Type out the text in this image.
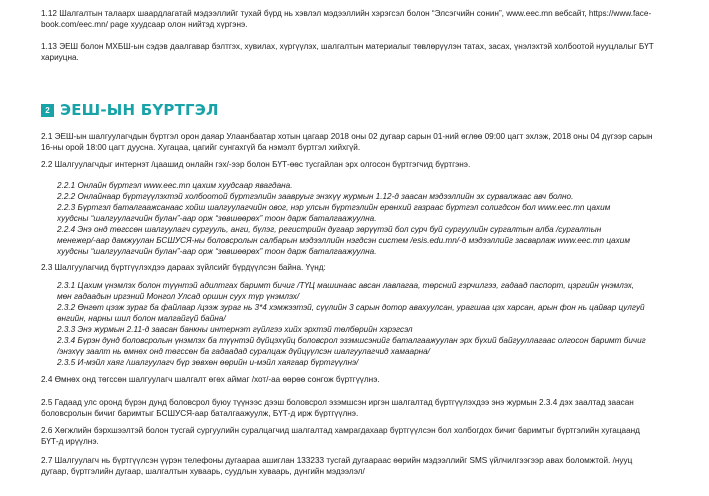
1.12 Шалгалтын талаарх шаардлагатай мэдээллийг тухай бүрд нь хэвлэл мэдээллийн хэрэгсэл болон “Элсэгчийн сонин”, www.eec.mn вебсайт, https://www.face-
book.com/eec.mn/ page хуудсаар олон нийтэд хүргэнэ.
1.13 ЭЕШ болон МХБШ-ын сэдэв даалгавар бэлтгэх, хувилах, хүргүүлэх, шалгалтын материалыг төвлөрүүлэн татах, засах, үнэлэхтэй холбоотой нууцлалыг БҮТ
хариуцна.
2 ЭЕШ-ЫН БҮРТГЭЛ
2.1 ЭЕШ-ын шалгуулагчдын бүртгэл орон даяар Улаанбаатар хотын цагаар 2018 оны 02 дугаар сарын 01-ний өглөө 09:00 цагт эхлэж, 2018 оны 04 дүгээр сарын
16-ны орой 18:00 цагт дуусна. Хугацаа, цагийг сунгахгүй ба нэмэлт бүртгэл хийхгүй.
2.2 Шалгуулагчдыг интернэт /цаашид онлайн гэх/-ээр болон БҮТ-өөс тусгайлан эрх олгосон бүртгэгчид бүртгэнэ.
2.2.1 Онлайн бүртгэл www.eec.mn цахим хуудсаар явагдана.
2.2.2 Онлайнаар бүртгүүлэхтэй холбоотой бүртгэлийн заавруыг энэхүү журмын 1.12-д заасан мэдээллийн эх сурвалжаас авч болно.
2.2.3 Бүртгэл баталгаажсанаас хойш шалгуулагчийн овог, нэр улсын бүртгэлийн ерөнхий газраас бүртгэл солигдсон бол www.eec.mn цахим
хуудсны “шалгуулагчийн булан”-аар орж “зөвшөөрөх” тоон дарж баталгаажуулна.
2.2.4 Энэ онд төгссөн шалгуулагч сургууль, анги, бүлэг, регистрийн дугаар зөрүүтэй бол сурч буй сургуулийн сургалтын алба /сургалтын
менежер/-аар дамжуулан БСШУСЯ-ны боловсролын салбарын мэдээллийн нэгдсэн систем /esis.edu.mn/-д мэдээллийг засварлаж www.eec.mn цахим
хуудсны “шалгуулагчийн булан”-аар орж “зөвшөөрөх” тоон дарж баталгаажуулна.
2.3 Шалгуулагчид бүртгүүлэхдээ дараах зүйлсийг бүрдүүлсэн байна. Үүнд:
2.3.1 Цахим үнэмлэх болон түүнтэй адилтгах баримт бичиг /ТҮЦ машинаас авсан лавлагаа, төрсний гэрчилгээ, гадаад паспорт, цэргийн үнэмлэх,
мөн гадаадын иргэний Монгол Улсад оршин суух түр үнэмлэх/
2.3.2 Өнгөт цээж зураг ба файлаар /цээж зураг нь 3*4 хэмжээтэй, сүүлийн 3 сарын дотор авахуулсан, урагшаа цэх харсан, арын фон нь цайвар цулгуй
өнгийн, нарны шил болон малгайгүй байна/
2.3.3 Энэ журмын 2.11-д заасан банкны интернэт гүйлгээ хийх эрхтэй төлбөрийн хэрэгсэл
2.3.4 Бүрэн дунд боловсролын үнэмлэх ба түүнтэй дүйцэхүйц боловсрол эзэмшсэнийг баталгаажуулан эрх бүхий байгууллагаас олгосон баримт бичиг
/энэхүү заалт нь өмнөх онд төгссөн ба гадаадад суралцаж дүйцүүлсэн шалгуулагчид хамаарна/
2.3.5 И-мэйл хаяг /шалгуулагч бүр зөвхөн өөрийн и-мэйл хаягаар бүртгүүлнэ/
2.4 Өмнөх онд төгссөн шалгуулагч шалгалт өгөх аймаг /хот/-аа өөрөө сонгож бүртгүүлнэ.
2.5 Гадаад улс оронд бүрэн дунд боловсрол буюу түүнээс дээш боловсрол эзэмшсэн иргэн шалгалтад бүртгүүлэхдээ энэ журмын 2.3.4 дэх заалтад заасан
боловсролын бичиг баримтыг БСШУСЯ-аар баталгаажуулж, БҮТ-д ирж бүртгүүлнэ.
2.6 Хөгжлийн бэрхшээлтэй болон тусгай сургуулийн суралцагчид шалгалтад хамрагдахаар бүртгүүлсэн бол холбогдох бичиг баримтыг бүртгэлийн хугацаанд
БҮТ-д ирүүлнэ.
2.7 Шалгуулагч нь бүртгүүлсэн үүрэн телефоны дугаараа ашиглан 133233 тусгай дугаараас өөрийн мэдээллийг SMS үйлчилгээгээр авах боломжтой. /нууц
дугаар, бүртгэлийн дугаар, шалгалтын хуваарь, суудлын хуваарь, дүнгийн мэдээлэл/
